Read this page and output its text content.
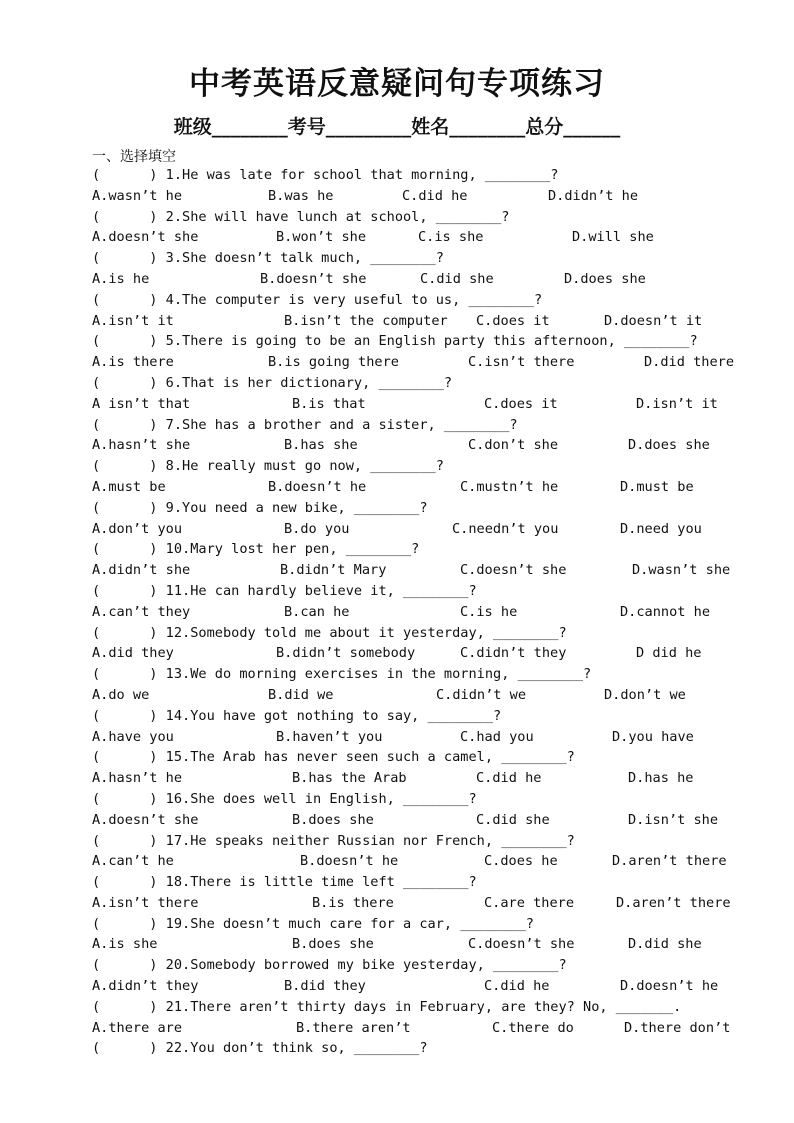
中考英语反意疑问句专项练习
班级________考号_________姓名________总分______
一、选择填空
(      ) 1.He was late for school that morning, ________?
A.wasn’t he	B.was he	C.did he	D.didn’t he
(      ) 2.She will have lunch at school, ________?
A.doesn’t she	B.won’t she	C.is she	D.will she
(      ) 3.She doesn’t talk much, ________?
A.is he	B.doesn’t she	C.did she	D.does she
(      ) 4.The computer is very useful to us, ________?
A.isn’t it	B.isn’t the computer C.does it	D.doesn’t it
(      ) 5.There is going to be an English party this afternoon, ________?
A.is there	B.is going there	C.isn’t there	D.did there
(      ) 6.That is her dictionary, ________?
A isn’t that	B.is that	C.does it	D.isn’t it
(      ) 7.She has a brother and a sister, ________?
A.hasn’t she	B.has she	C.don’t she	D.does she
(      ) 8.He really must go now, ________?
A.must be	B.doesn’t he	C.mustn’t he	D.must be
(      ) 9.You need a new bike, ________?
A.don’t you	B.do you	C.needn’t you	D.need you
(      ) 10.Mary lost her pen, ________?
A.didn’t she	B.didn’t Mary	C.doesn’t she	D.wasn’t she
(      ) 11.He can hardly believe it, ________?
A.can’t they	B.can he	C.is he	D.cannot he
(      ) 12.Somebody told me about it yesterday, ________?
A.did they	B.didn’t somebody	C.didn’t they	D did he
(      ) 13.We do morning exercises in the morning, ________?
A.do we	B.did we	C.didn’t we	D.don’t we
(      ) 14.You have got nothing to say, ________?
A.have you	B.haven’t you	C.had you	D.you have
(      ) 15.The Arab has never seen such a camel, ________?
A.hasn’t he	B.has the Arab	C.did he	D.has he
(      ) 16.She does well in English, ________?
A.doesn’t she	B.does she	C.did she	D.isn’t she
(      ) 17.He speaks neither Russian nor French, ________?
A.can’t he	B.doesn’t he	C.does he	D.aren’t there
(      ) 18.There is little time left ________?
A.isn’t there	B.is there	C.are there	D.aren’t there
(      ) 19.She doesn’t much care for a car, ________?
A.is she	B.does she	C.doesn’t she	D.did she
(      ) 20.Somebody borrowed my bike yesterday, ________?
A.didn’t they	B.did they	C.did he	D.doesn’t he
(      ) 21.There aren’t thirty days in February, are they? No, _______.
A.there are	B.there aren’t	C.there do	D.there don’t
(      ) 22.You don’t think so, ________?
